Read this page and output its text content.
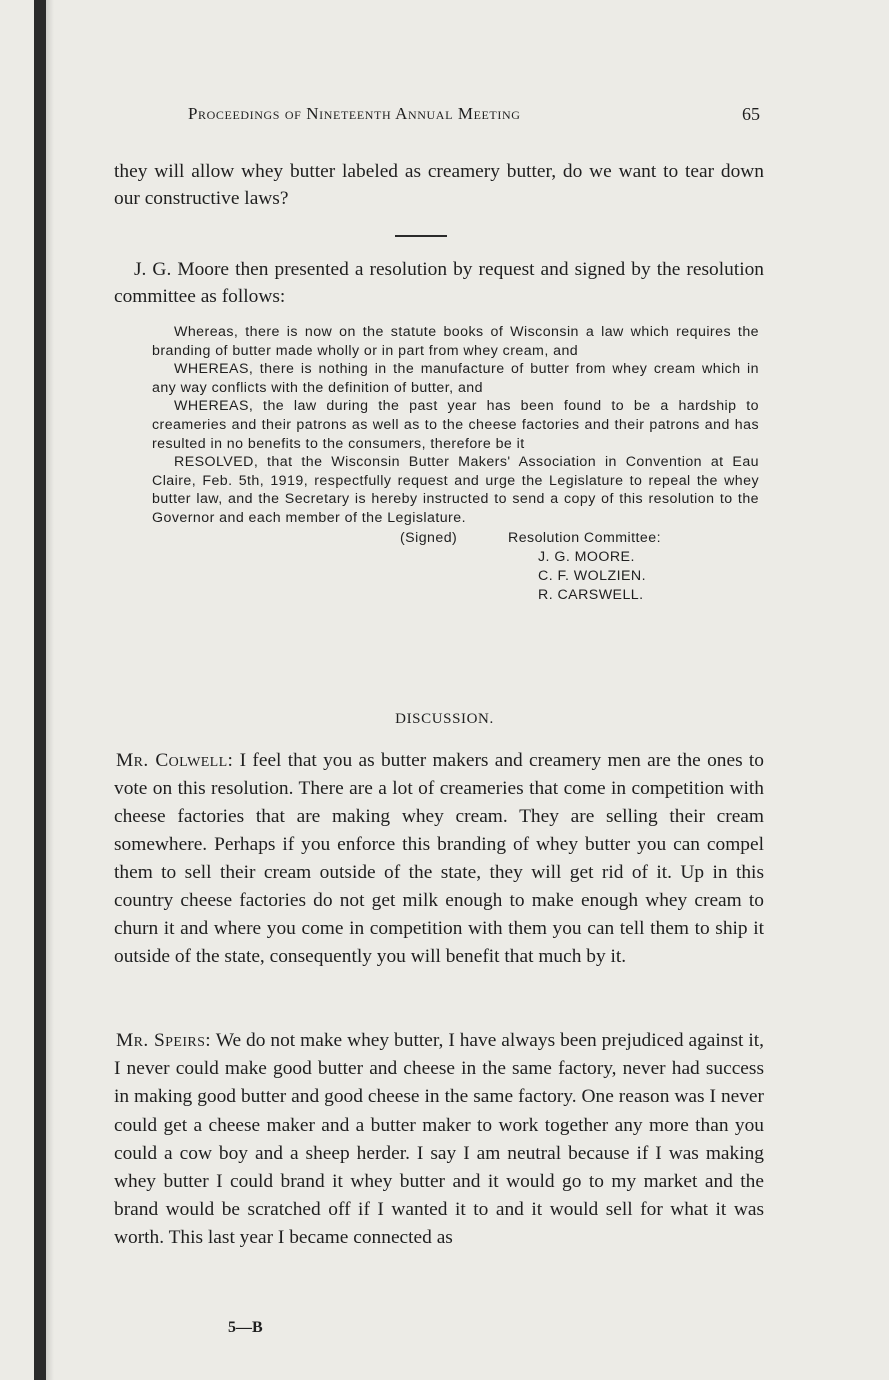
Proceedings of Nineteenth Annual Meeting	65

they will allow whey butter labeled as creamery butter, do we want to tear down our constructive laws?

J. G. Moore then presented a resolution by request and signed by the resolution committee as follows:

Whereas, there is now on the statute books of Wisconsin a law which requires the branding of butter made wholly or in part from whey cream, and

WHEREAS, there is nothing in the manufacture of butter from whey cream which in any way conflicts with the definition of butter, and

WHEREAS, the law during the past year has been found to be a hardship to creameries and their patrons as well as to the cheese factories and their patrons and has resulted in no benefits to the consumers, therefore be it

RESOLVED, that the Wisconsin Butter Makers' Association in Convention at Eau Claire, Feb. 5th, 1919, respectfully request and urge the Legislature to repeal the whey butter law, and the Secretary is hereby instructed to send a copy of this resolution to the Governor and each member of the Legislature.

(Signed)	Resolution Committee:

J. G. MOORE.

C. F. WOLZIEN.

R. CARSWELL.

DISCUSSION.

Mr. Colwell: I feel that you as butter makers and creamery men are the ones to vote on this resolution. There are a lot of creameries that come in competition with cheese factories that are making whey cream. They are selling their cream somewhere. Perhaps if you enforce this branding of whey butter you can compel them to sell their cream outside of the state, they will get rid of it. Up in this country cheese factories do not get milk enough to make enough whey cream to churn it and where you come in competition with them you can tell them to ship it outside of the state, consequently you will benefit that much by it.

Mr. Speirs: We do not make whey butter, I have always been prejudiced against it, I never could make good butter and cheese in the same factory, never had success in making good butter and good cheese in the same factory. One reason was I never could get a cheese maker and a butter maker to work together any more than you could a cow boy and a sheep herder. I say I am neutral because if I was making whey butter I could brand it whey butter and it would go to my market and the brand would be scratched off if I wanted it to and it would sell for what it was worth. This last year I became connected as

5—B
